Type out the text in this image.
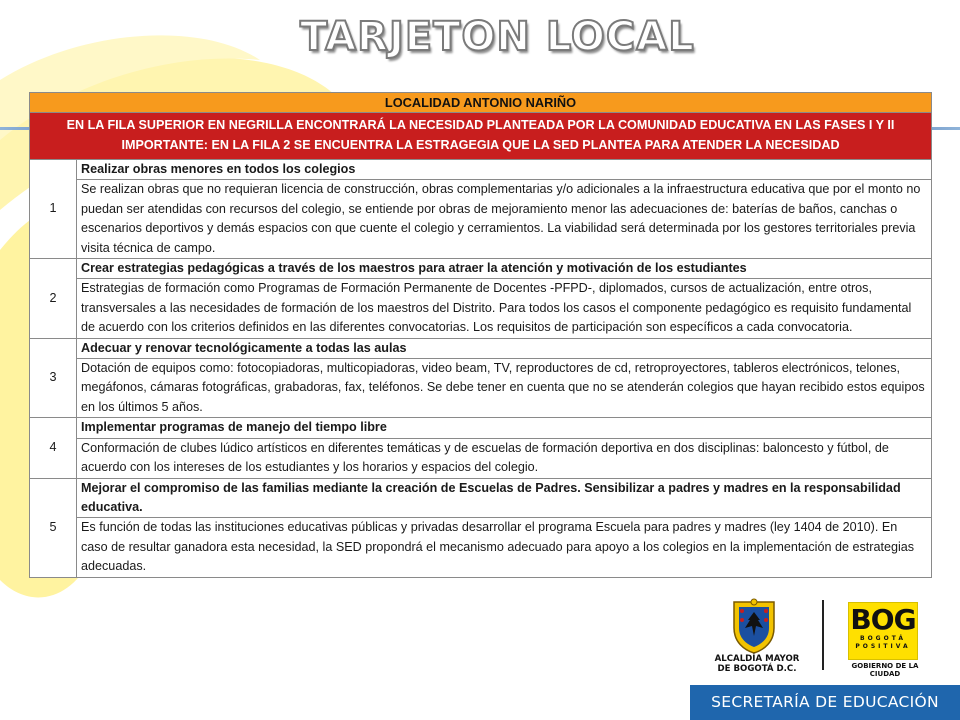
TARJETON LOCAL
LOCALIDAD ANTONIO NARIÑO	

EN LA FILA SUPERIOR EN NEGRILLA ENCONTRARÁ LA NECESIDAD PLANTEADA POR LA COMUNIDAD EDUCATIVA EN LAS FASES I Y II
IMPORTANTE: EN LA FILA 2 SE ENCUENTRA LA ESTRAGEGIA QUE LA SED PLANTEA PARA ATENDER LA NECESIDAD	

1	Realizar obras menores en todos los colegios
	Se realizan obras que no requieran licencia de construcción, obras complementarias y/o adicionales a la infraestructura educativa que por el monto no puedan ser atendidas con recursos del colegio, se entiende por obras de mejoramiento menor las adecuaciones de: baterías de baños, canchas o escenarios deportivos y demás espacios con que cuente el colegio y cerramientos. La viabilidad será determinada por los gestores territoriales previa visita técnica de campo.
2	Crear estrategias pedagógicas a través de los maestros para atraer la atención y motivación de los estudiantes
	Estrategias de formación como Programas de Formación Permanente de Docentes -PFPD-, diplomados, cursos de actualización, entre otros, transversales a las necesidades de formación de los maestros del Distrito. Para todos los casos el componente pedagógico es requisito fundamental de acuerdo con los criterios definidos en las diferentes convocatorias. Los requisitos de participación son específicos a cada convocatoria.
3	Adecuar y renovar tecnológicamente a todas las aulas
	Dotación de equipos como: fotocopiadoras, multicopiadoras, video beam, TV, reproductores de cd, retroproyectores, tableros electrónicos, telones, megáfonos, cámaras fotográficas, grabadoras, fax, teléfonos. Se debe tener en cuenta que no se atenderán colegios que hayan recibido estos equipos en los últimos 5 años.
4	Implementar programas de manejo del tiempo libre
	Conformación de clubes lúdico artísticos en diferentes temáticas y de escuelas de formación deportiva en dos disciplinas: baloncesto y fútbol, de acuerdo con los intereses de los estudiantes y los horarios y espacios del colegio.
5	Mejorar el compromiso de las familias mediante la creación de Escuelas de Padres. Sensibilizar a padres y madres en la responsabilidad educativa.
	Es función de todas las instituciones educativas públicas y privadas desarrollar el programa Escuela para padres y madres (ley 1404 de 2010). En caso de resultar ganadora esta necesidad, la SED propondrá el mecanismo adecuado para apoyo a los colegios en la implementación de estrategias adecuadas.
ALCALDÍA MAYOR
DE BOGOTÁ D.C.
BOG
BOGOTÁ POSITIVA
GOBIERNO DE LA CIUDAD
SECRETARÍA DE EDUCACIÓN
